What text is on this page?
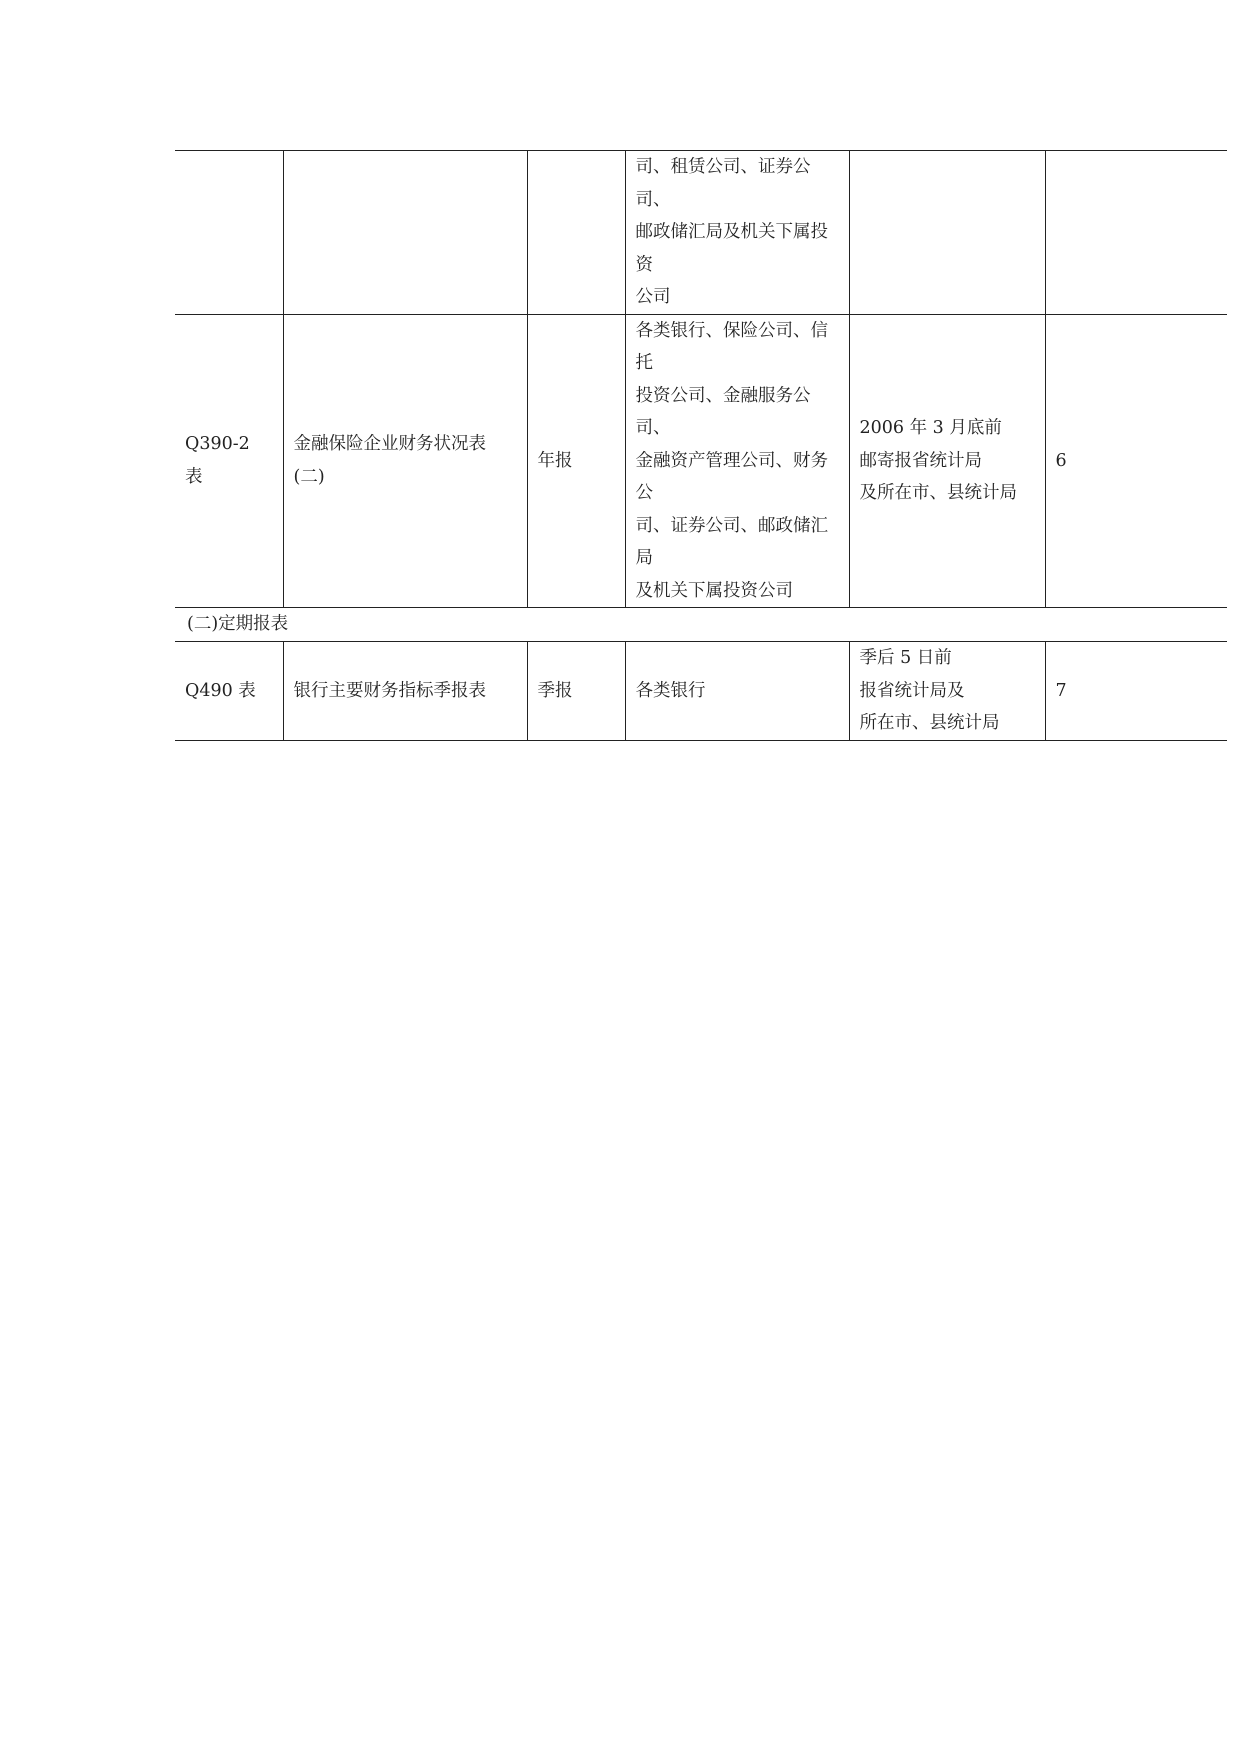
			司、租赁公司、证券公司、
邮政储汇局及机关下属投资
公司		
Q390-2 表	金融保险企业财务状况表(二)	年报	各类银行、保险公司、信托
投资公司、金融服务公司、
金融资产管理公司、财务公
司、证券公司、邮政储汇局
及机关下属投资公司	2006 年 3 月底前
邮寄报省统计局
及所在市、县统计局	6
(二)定期报表					
Q490 表	银行主要财务指标季报表	季报	各类银行	季后 5 日前
报省统计局及
所在市、县统计局	7
